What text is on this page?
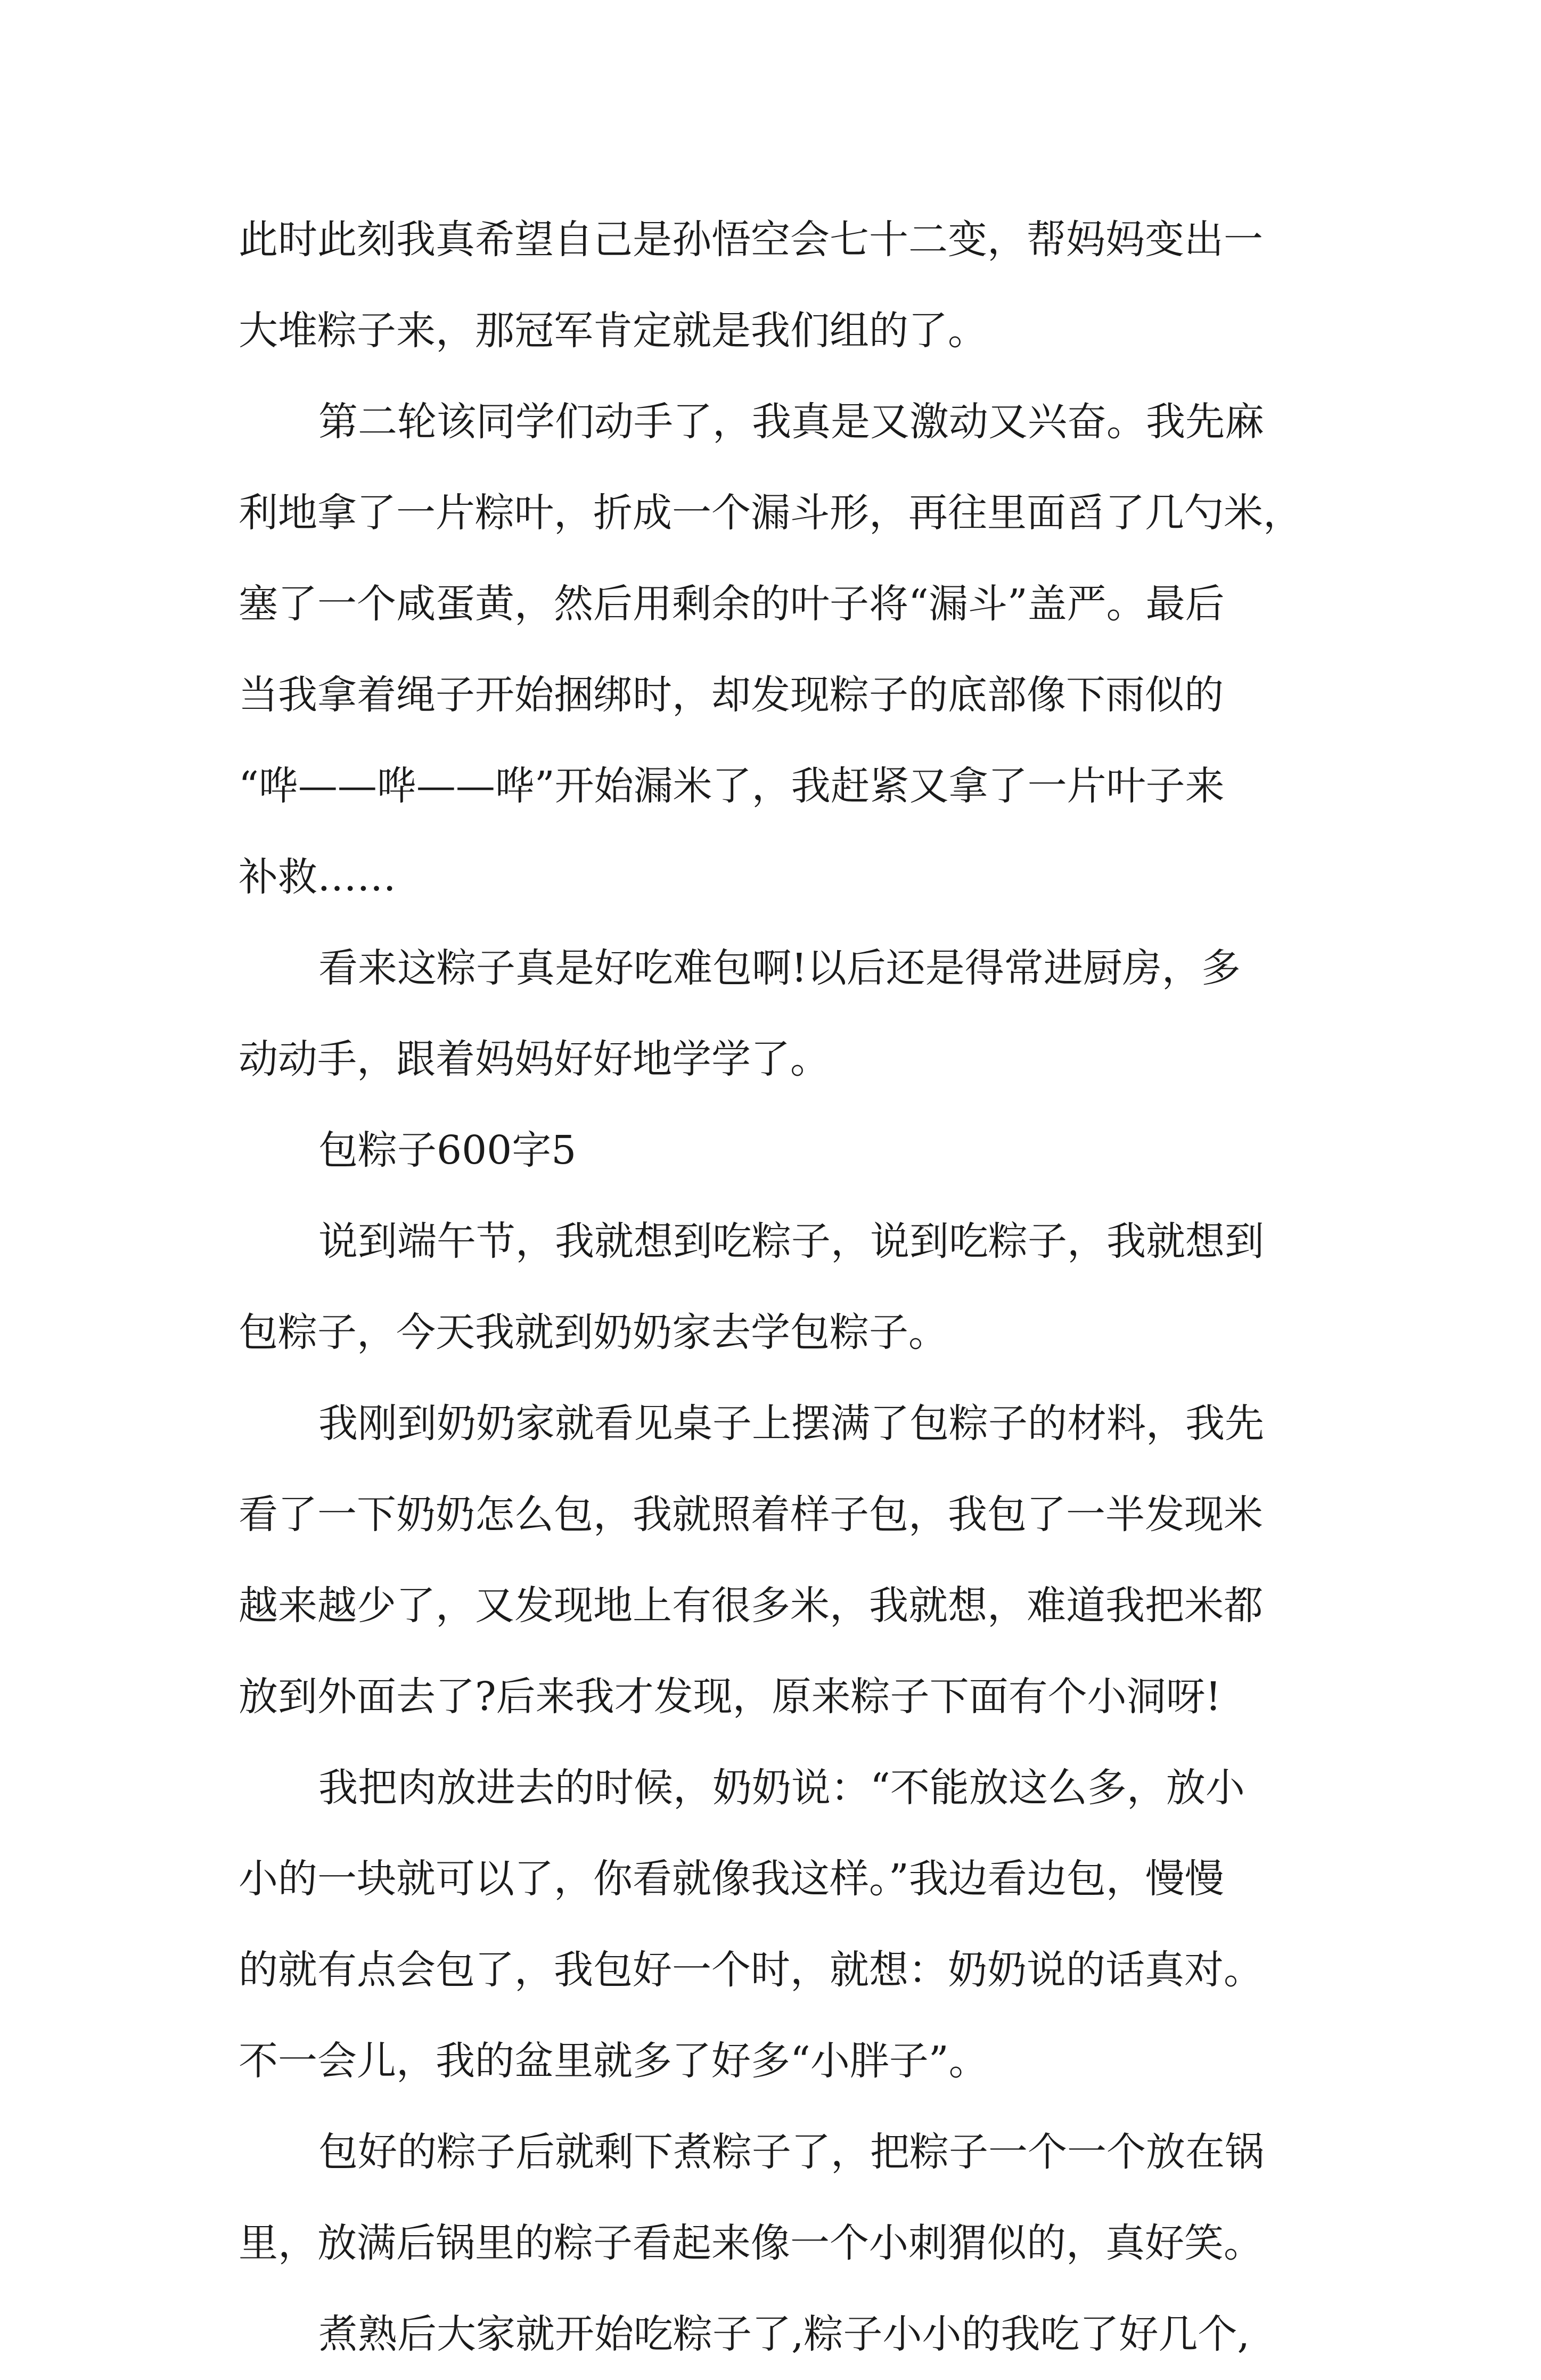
此时此刻我真希望自己是孙悟空会七十二变，帮妈妈变出一
大堆粽子来，那冠军肯定就是我们组的了。
第二轮该同学们动手了，我真是又激动又兴奋。我先麻
利地拿了一片粽叶，折成一个漏斗形，再往里面舀了几勺米，
塞了一个咸蛋黄，然后用剩余的叶子将“漏斗”盖严。最后
当我拿着绳子开始捆绑时，却发现粽子的底部像下雨似的
“哗——哗——哗”开始漏米了，我赶紧又拿了一片叶子来
补救……
看来这粽子真是好吃难包啊!以后还是得常进厨房，多
动动手，跟着妈妈好好地学学了。
包粽子600字5
说到端午节，我就想到吃粽子，说到吃粽子，我就想到
包粽子，今天我就到奶奶家去学包粽子。
我刚到奶奶家就看见桌子上摆满了包粽子的材料，我先
看了一下奶奶怎么包，我就照着样子包，我包了一半发现米
越来越少了，又发现地上有很多米，我就想，难道我把米都
放到外面去了?后来我才发现，原来粽子下面有个小洞呀!
我把肉放进去的时候，奶奶说：“不能放这么多，放小
小的一块就可以了，你看就像我这样。”我边看边包，慢慢
的就有点会包了，我包好一个时，就想：奶奶说的话真对。
不一会儿，我的盆里就多了好多“小胖子”。
包好的粽子后就剩下煮粽子了，把粽子一个一个放在锅
里，放满后锅里的粽子看起来像一个小刺猬似的，真好笑。
煮熟后大家就开始吃粽子了,粽子小小的我吃了好几个,
